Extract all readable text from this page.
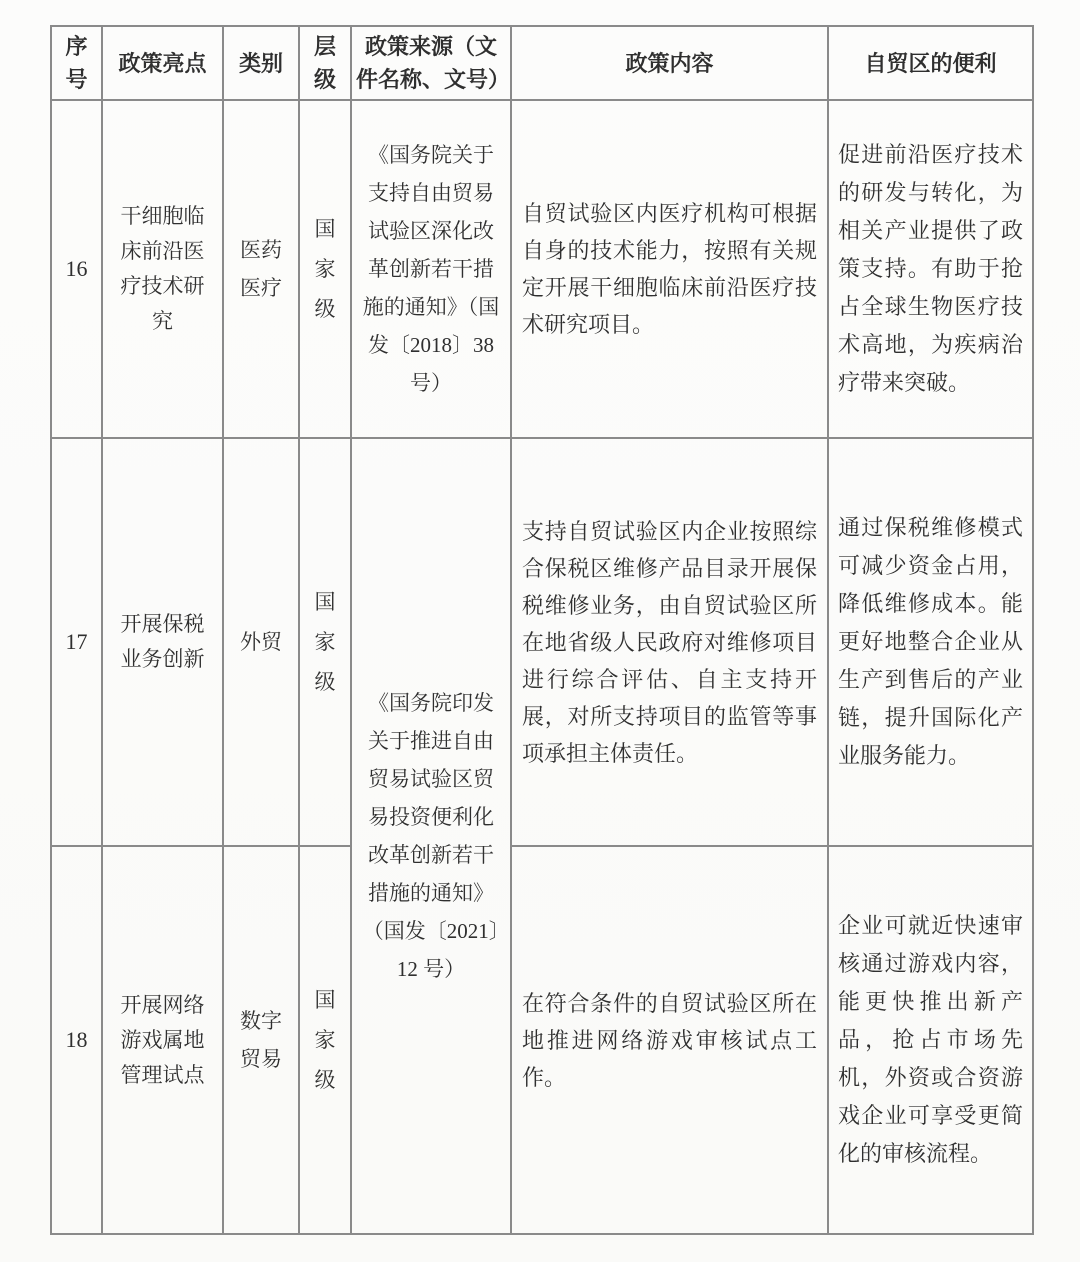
序号	政策亮点	类别	层级	政策来源（文件名称、文号）	政策内容	自贸区的便利
16	干细胞临床前沿医疗技术研究	医药医疗	国家级	《国务院关于支持自由贸易试验区深化改革创新若干措施的通知》（国发〔2018〕38号）	自贸试验区内医疗机构可根据自身的技术能力，按照有关规定开展干细胞临床前沿医疗技术研究项目。	促进前沿医疗技术的研发与转化，为相关产业提供了政策支持。有助于抢占全球生物医疗技术高地，为疾病治疗带来突破。
17	开展保税业务创新	外贸	国家级	《国务院印发关于推进自由贸易试验区贸易投资便利化改革创新若干措施的通知》（国发〔2021〕12 号）	支持自贸试验区内企业按照综合保税区维修产品目录开展保税维修业务，由自贸试验区所在地省级人民政府对维修项目进行综合评估、自主支持开展，对所支持项目的监管等事项承担主体责任。	通过保税维修模式可减少资金占用，降低维修成本。能更好地整合企业从生产到售后的产业链，提升国际化产业服务能力。
18	开展网络游戏属地管理试点	数字贸易	国家级		在符合条件的自贸试验区所在地推进网络游戏审核试点工作。	企业可就近快速审核通过游戏内容，能更快推出新产品，抢占市场先机，外资或合资游戏企业可享受更简化的审核流程。
